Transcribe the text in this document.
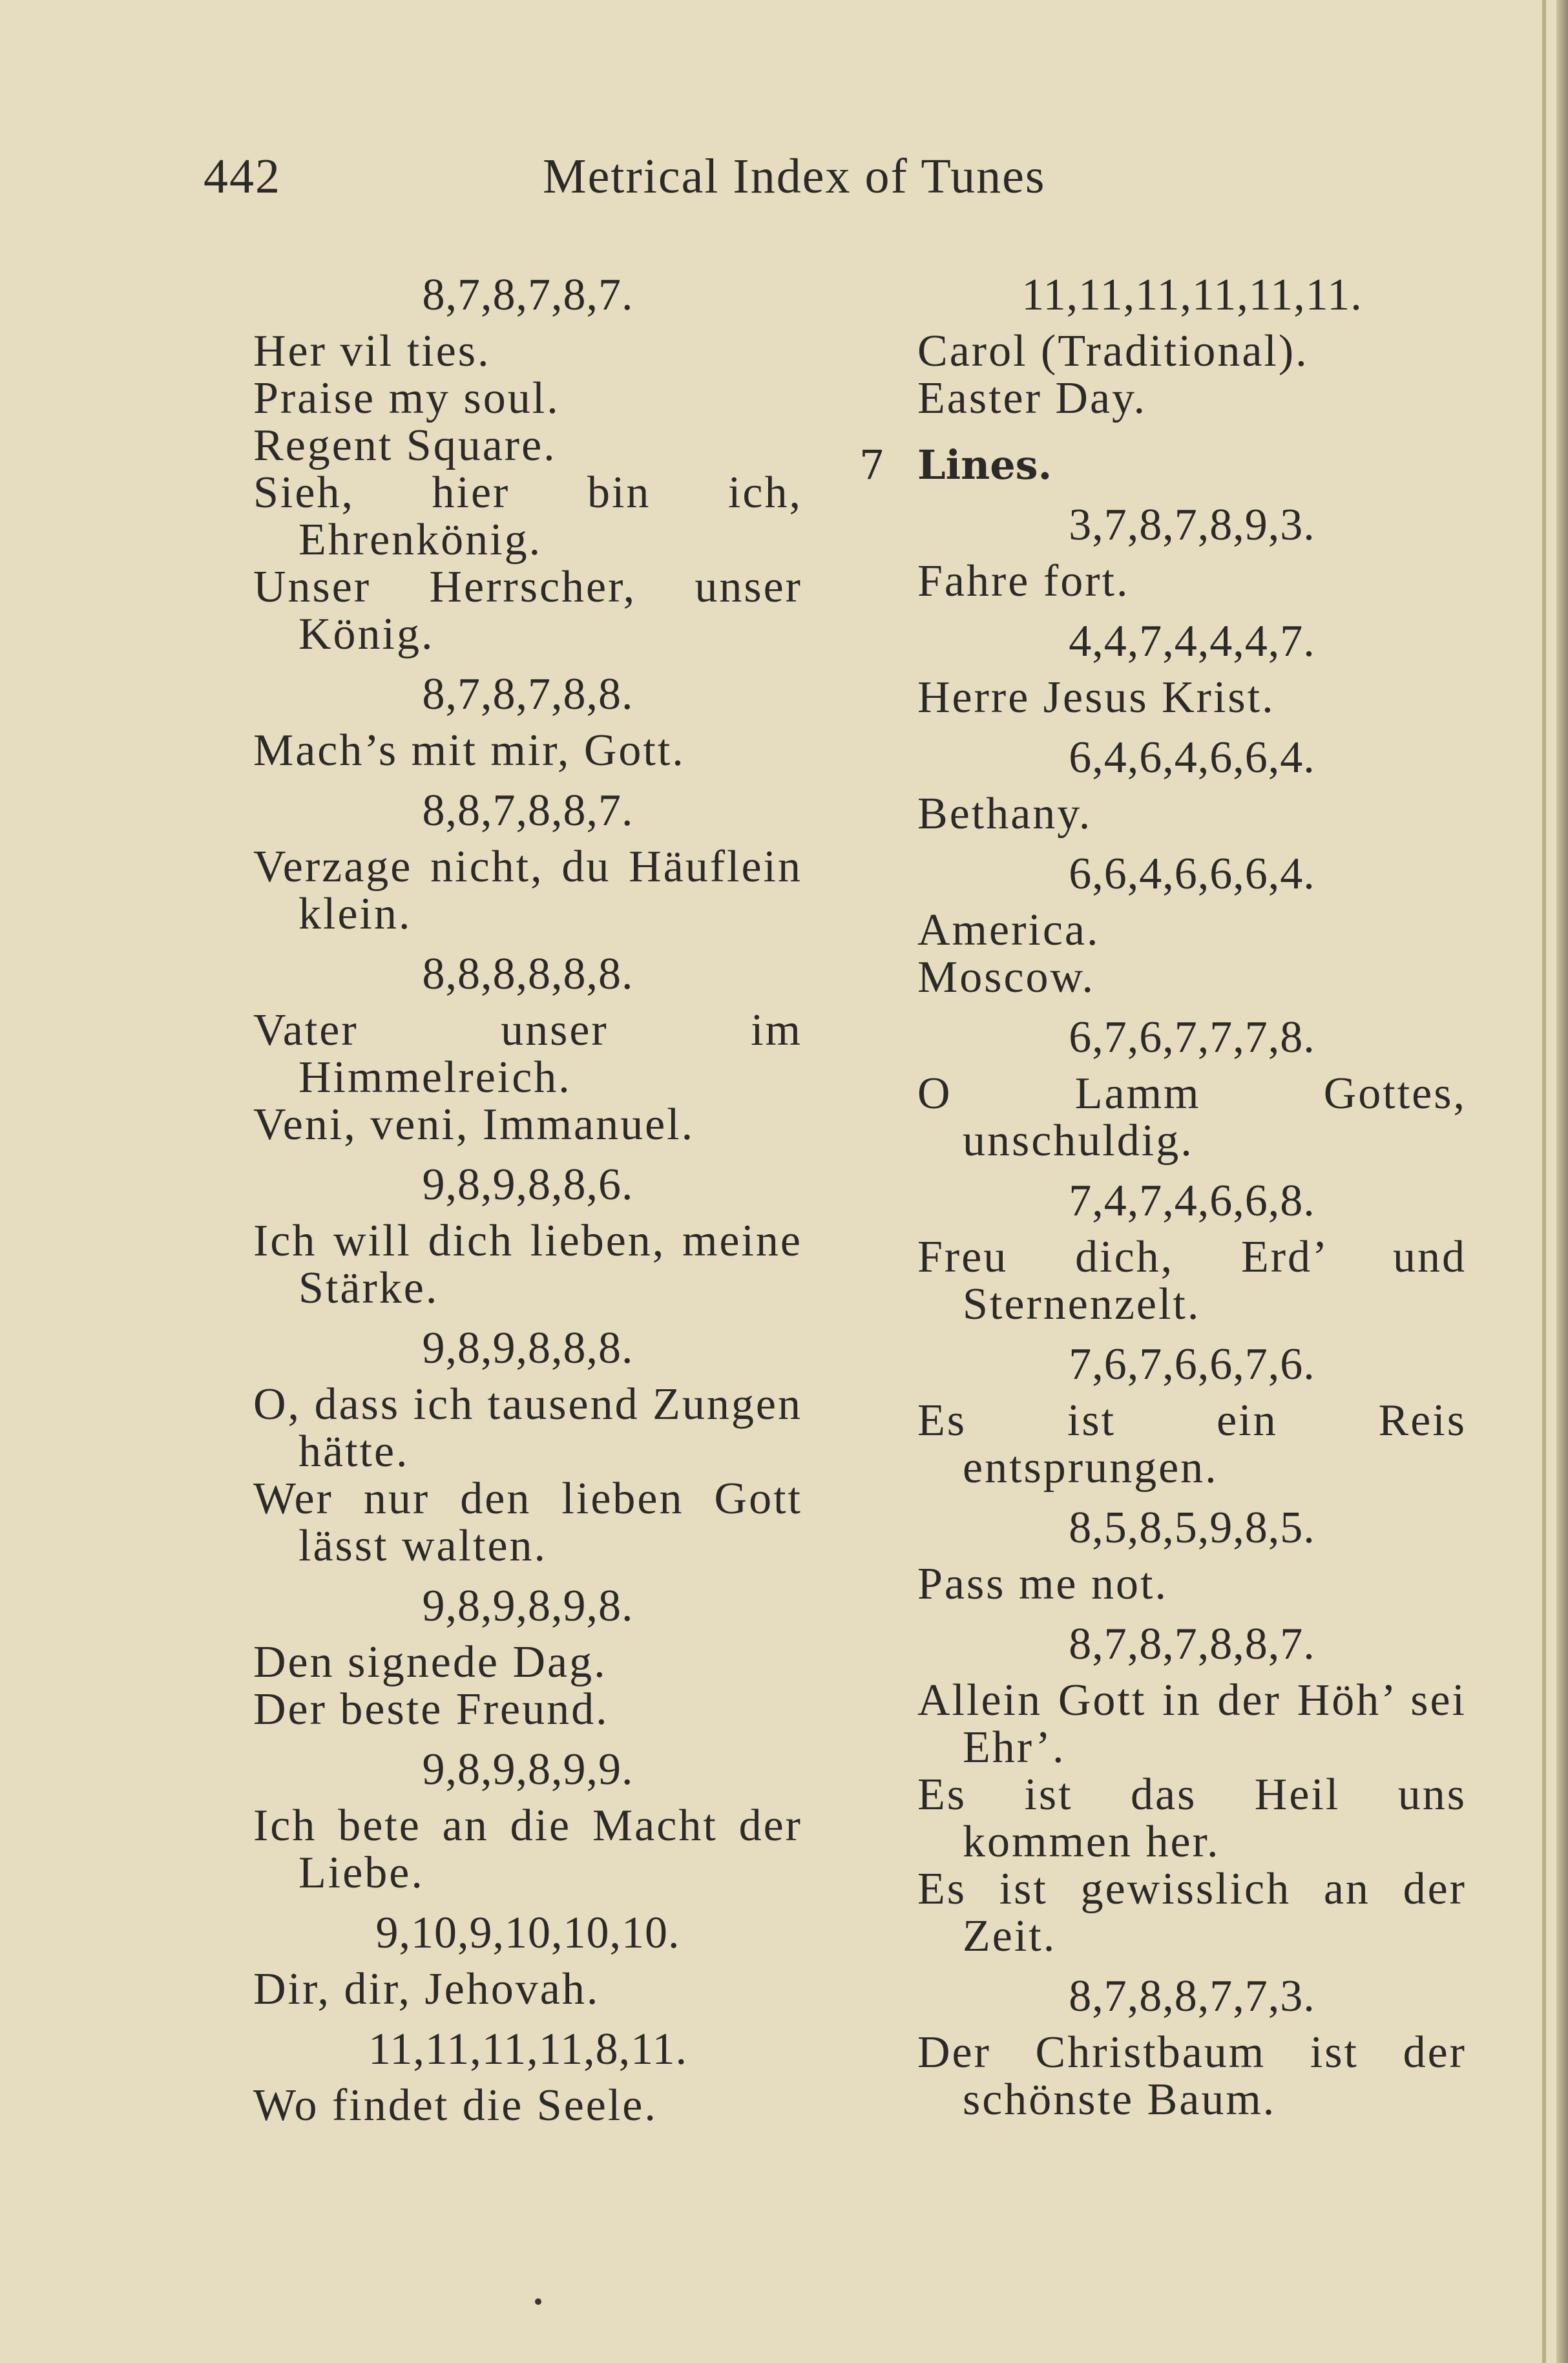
442	Metrical Index of Tunes
8,7,8,7,8,7.
Her vil ties.
Praise my soul.
Regent Square.
Sieh, hier bin ich, Ehrenkönig.
Unser Herrscher, unser König.
8,7,8,7,8,8.
Mach’s mit mir, Gott.
8,8,7,8,8,7.
Verzage nicht, du Häuflein klein.
8,8,8,8,8,8.
Vater unser im Himmelreich.
Veni, veni, Immanuel.
9,8,9,8,8,6.
Ich will dich lieben, meine Stärke.
9,8,9,8,8,8.
O, dass ich tausend Zungen hätte.
Wer nur den lieben Gott lässt walten.
9,8,9,8,9,8.
Den signede Dag.
Der beste Freund.
9,8,9,8,9,9.
Ich bete an die Macht der Liebe.
9,10,9,10,10,10.
Dir, dir, Jehovah.
11,11,11,11,8,11.
Wo findet die Seele.
11,11,11,11,11,11.
Carol (Traditional).
Easter Day.
7 Lines.
3,7,8,7,8,9,3.
Fahre fort.
4,4,7,4,4,4,7.
Herre Jesus Krist.
6,4,6,4,6,6,4.
Bethany.
6,6,4,6,6,6,4.
America.
Moscow.
6,7,6,7,7,7,8.
O Lamm Gottes, unschuldig.
7,4,7,4,6,6,8.
Freu dich, Erd’ und Sternenzelt.
7,6,7,6,6,7,6.
Es ist ein Reis entsprungen.
8,5,8,5,9,8,5.
Pass me not.
8,7,8,7,8,8,7.
Allein Gott in der Höh’ sei Ehr’.
Es ist das Heil uns kommen her.
Es ist gewisslich an der Zeit.
8,7,8,8,7,7,3.
Der Christbaum ist der schönste Baum.
